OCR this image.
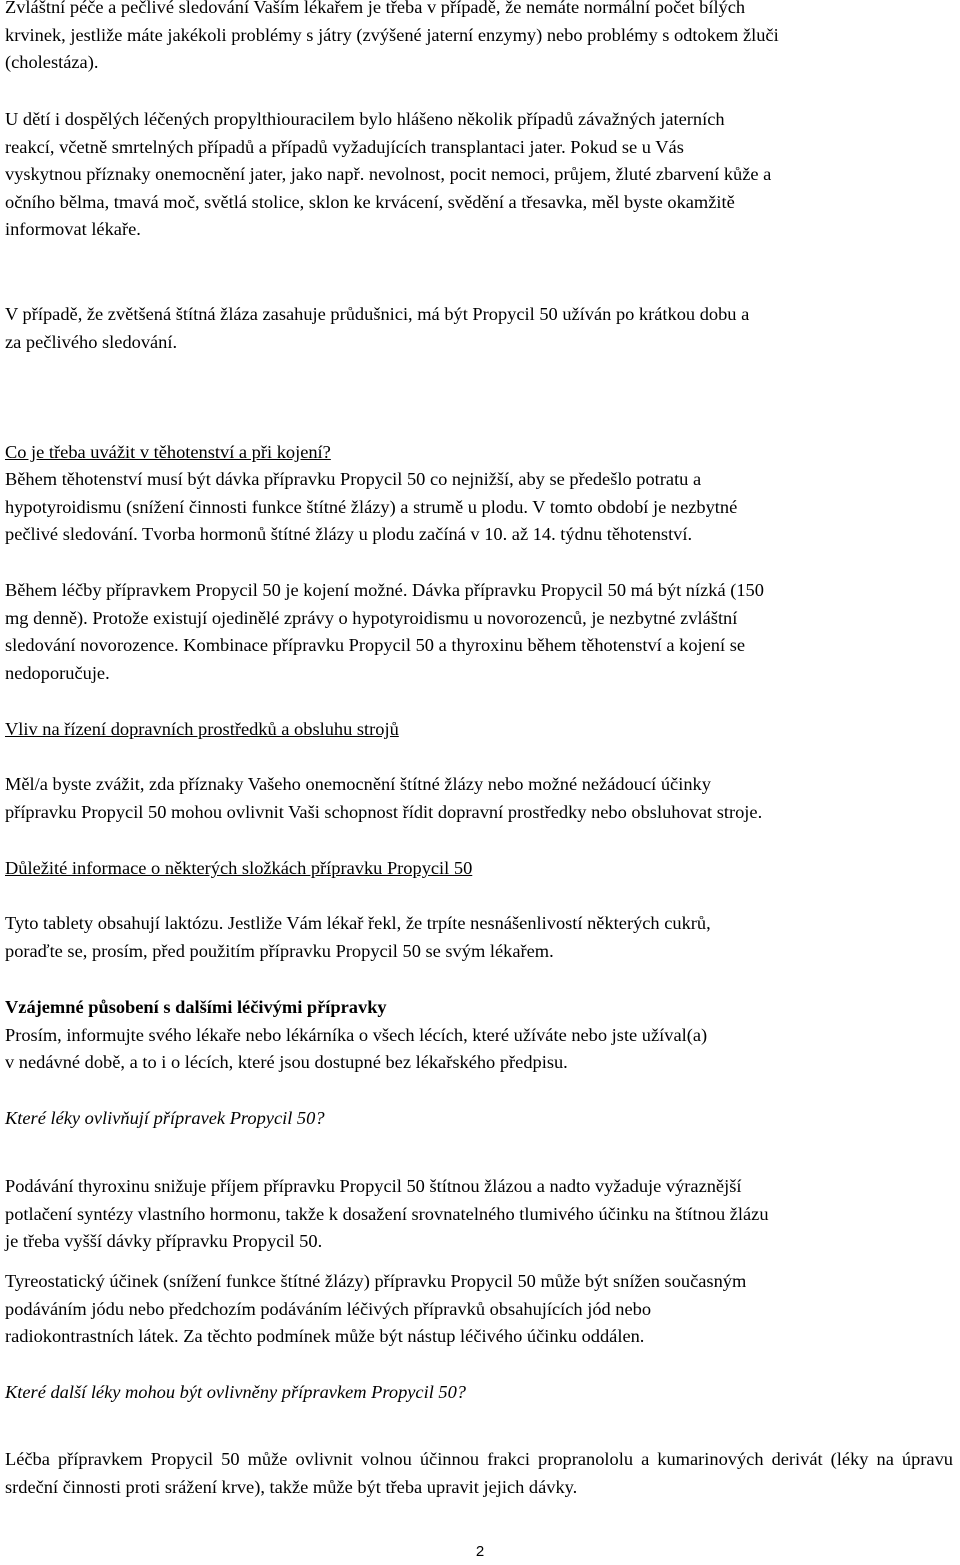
Zvláštní péče a pečlivé sledování Vaším lékařem je třeba v případě, že nemáte normální počet bílých
krvinek, jestliže máte jakékoli problémy s játry (zvýšené jaterní enzymy) nebo problémy s odtokem žluči
(cholestáza).

U dětí i dospělých léčených propylthiouracilem bylo hlášeno několik případů závažných jaterních
reakcí, včetně smrtelných případů a případů vyžadujících transplantaci jater. Pokud se u Vás
vyskytnou příznaky onemocnění jater, jako např. nevolnost, pocit nemoci, průjem, žluté zbarvení kůže a
očního bělma, tmavá moč, světlá stolice, sklon ke krvácení, svědění a třesavka, měl byste okamžitě
informovat lékaře.

V případě, že zvětšená štítná žláza zasahuje průdušnici, má být Propycil 50 užíván po krátkou dobu a
za pečlivého sledování.

Co je třeba uvážit v těhotenství a při kojení?

Během těhotenství musí být dávka přípravku Propycil 50 co nejnižší, aby se předešlo potratu a
hypotyroidismu (snížení činnosti funkce štítné žlázy) a strumě u plodu. V tomto období je nezbytné
pečlivé sledování. Tvorba hormonů štítné žlázy u plodu začíná v 10. až 14. týdnu těhotenství.

Během léčby přípravkem Propycil 50 je kojení možné. Dávka přípravku Propycil 50 má být nízká (150
mg denně). Protože existují ojedinělé zprávy o hypotyroidismu u novorozenců, je nezbytné zvláštní
sledování novorozence. Kombinace přípravku Propycil 50 a thyroxinu během těhotenství a kojení se
nedoporučuje.

Vliv na řízení dopravních prostředků a obsluhu strojů

Měl/a byste zvážit, zda příznaky Vašeho onemocnění štítné žlázy nebo možné nežádoucí účinky
přípravku Propycil 50 mohou ovlivnit Vaši schopnost řídit dopravní prostředky nebo obsluhovat stroje.

Důležité informace o některých složkách přípravku Propycil 50

Tyto tablety obsahují laktózu. Jestliže Vám lékař řekl, že trpíte nesnášenlivostí některých cukrů,
poraďte se, prosím, před použitím přípravku Propycil 50 se svým lékařem.

Vzájemné působení s dalšími léčivými přípravky
Prosím, informujte svého lékaře nebo lékárníka o všech lécích, které užíváte nebo jste užíval(a)
v nedávné době, a to i o lécích, které jsou dostupné bez lékařského předpisu.

Které léky ovlivňují přípravek Propycil 50?

Podávání thyroxinu snižuje příjem přípravku Propycil 50 štítnou žlázou a nadto vyžaduje výraznější
potlačení syntézy vlastního hormonu, takže k dosažení srovnatelného tlumivého účinku na štítnou žlázu
je třeba vyšší dávky přípravku Propycil 50.

Tyreostatický účinek (snížení funkce štítné žlázy) přípravku Propycil 50 může být snížen současným
podáváním jódu nebo předchozím podáváním léčivých přípravků obsahujících jód nebo
radiokontrastních látek. Za těchto podmínek může být nástup léčivého účinku oddálen.

Které další léky mohou být ovlivněny přípravkem Propycil 50?

Léčba přípravkem Propycil 50 může ovlivnit volnou účinnou frakci propranololu a kumarinových derivát (léky na úpravu srdeční činnosti proti srážení krve), takže může být třeba upravit jejich dávky.

2
